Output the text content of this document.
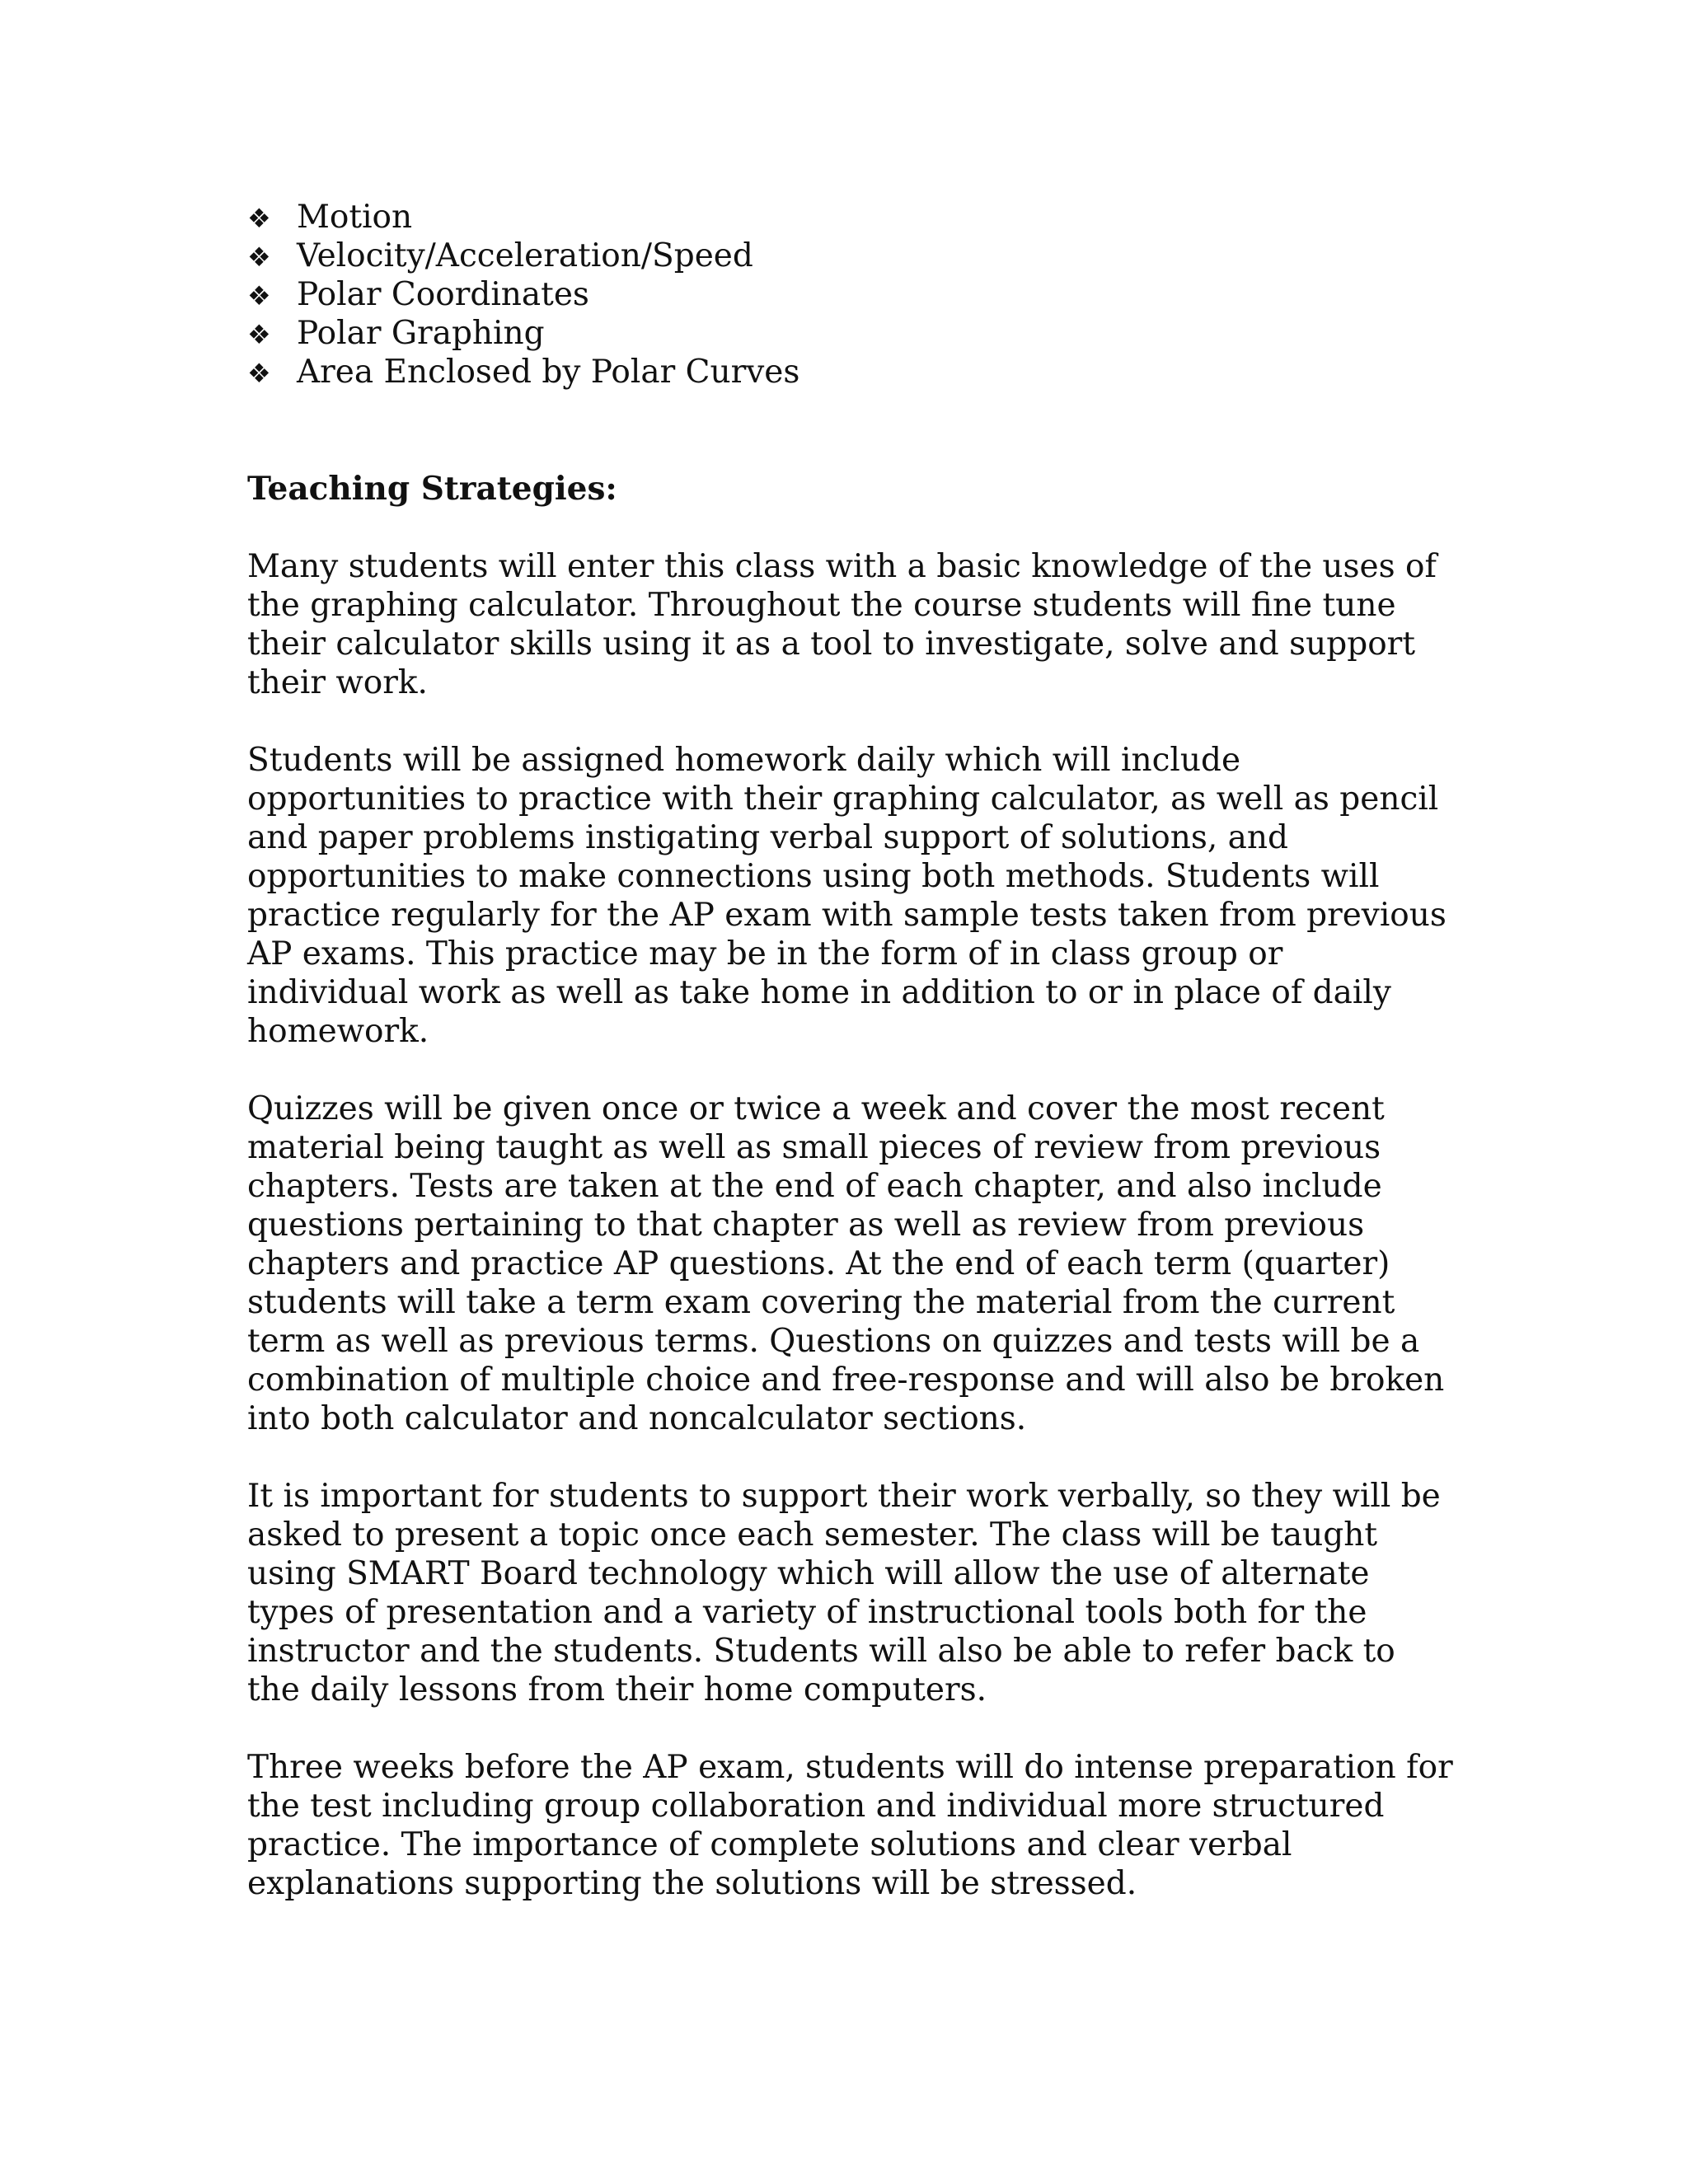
❖ Motion
❖ Velocity/Acceleration/Speed
❖ Polar Coordinates
❖ Polar Graphing
❖ Area Enclosed by Polar Curves
Teaching Strategies:

Many students will enter this class with a basic knowledge of the uses of
the graphing calculator. Throughout the course students will fine tune
their calculator skills using it as a tool to investigate, solve and support
their work.

Students will be assigned homework daily which will include
opportunities to practice with their graphing calculator, as well as pencil
and paper problems instigating verbal support of solutions, and
opportunities to make connections using both methods. Students will
practice regularly for the AP exam with sample tests taken from previous
AP exams. This practice may be in the form of in class group or
individual work as well as take home in addition to or in place of daily
homework.

Quizzes will be given once or twice a week and cover the most recent
material being taught as well as small pieces of review from previous
chapters. Tests are taken at the end of each chapter, and also include
questions pertaining to that chapter as well as review from previous
chapters and practice AP questions. At the end of each term (quarter)
students will take a term exam covering the material from the current
term as well as previous terms. Questions on quizzes and tests will be a
combination of multiple choice and free-response and will also be broken
into both calculator and noncalculator sections.

It is important for students to support their work verbally, so they will be
asked to present a topic once each semester. The class will be taught
using SMART Board technology which will allow the use of alternate
types of presentation and a variety of instructional tools both for the
instructor and the students. Students will also be able to refer back to
the daily lessons from their home computers.

Three weeks before the AP exam, students will do intense preparation for
the test including group collaboration and individual more structured
practice. The importance of complete solutions and clear verbal
explanations supporting the solutions will be stressed.
